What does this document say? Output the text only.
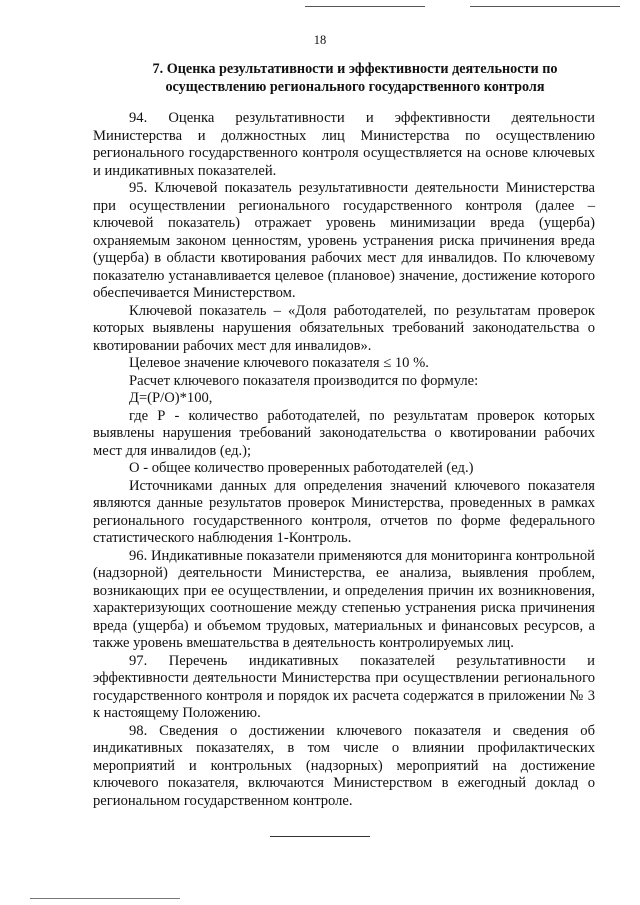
18
7. Оценка результативности и эффективности деятельности по осуществлению регионального государственного контроля

94. Оценка результативности и эффективности деятельности Министерства и должностных лиц Министерства по осуществлению регионального государственного контроля осуществляется на основе ключевых и индикативных показателей.

95. Ключевой показатель результативности деятельности Министерства при осуществлении регионального государственного контроля (далее – ключевой показатель) отражает уровень минимизации вреда (ущерба) охраняемым законом ценностям, уровень устранения риска причинения вреда (ущерба) в области квотирования рабочих мест для инвалидов. По ключевому показателю устанавливается целевое (плановое) значение, достижение которого обеспечивается Министерством.

Ключевой показатель – «Доля работодателей, по результатам проверок которых выявлены нарушения обязательных требований законодательства о квотировании рабочих мест для инвалидов».

Целевое значение ключевого показателя ≤ 10 %.

Расчет ключевого показателя производится по формуле:

Д=(Р/О)*100,

где Р - количество работодателей, по результатам проверок которых выявлены нарушения требований законодательства о квотировании рабочих мест для инвалидов (ед.);

О - общее количество проверенных работодателей (ед.)

Источниками данных для определения значений ключевого показателя являются данные результатов проверок Министерства, проведенных в рамках регионального государственного контроля, отчетов по форме федерального статистического наблюдения 1-Контроль.

96. Индикативные показатели применяются для мониторинга контрольной (надзорной) деятельности Министерства, ее анализа, выявления проблем, возникающих при ее осуществлении, и определения причин их возникновения, характеризующих соотношение между степенью устранения риска причинения вреда (ущерба) и объемом трудовых, материальных и финансовых ресурсов, а также уровень вмешательства в деятельность контролируемых лиц.

97. Перечень индикативных показателей результативности и эффективности деятельности Министерства при осуществлении регионального государственного контроля и порядок их расчета содержатся в приложении № 3 к настоящему Положению.

98. Сведения о достижении ключевого показателя и сведения об индикативных показателях, в том числе о влиянии профилактических мероприятий и контрольных (надзорных) мероприятий на достижение ключевого показателя, включаются Министерством в ежегодный доклад о региональном государственном контроле.
